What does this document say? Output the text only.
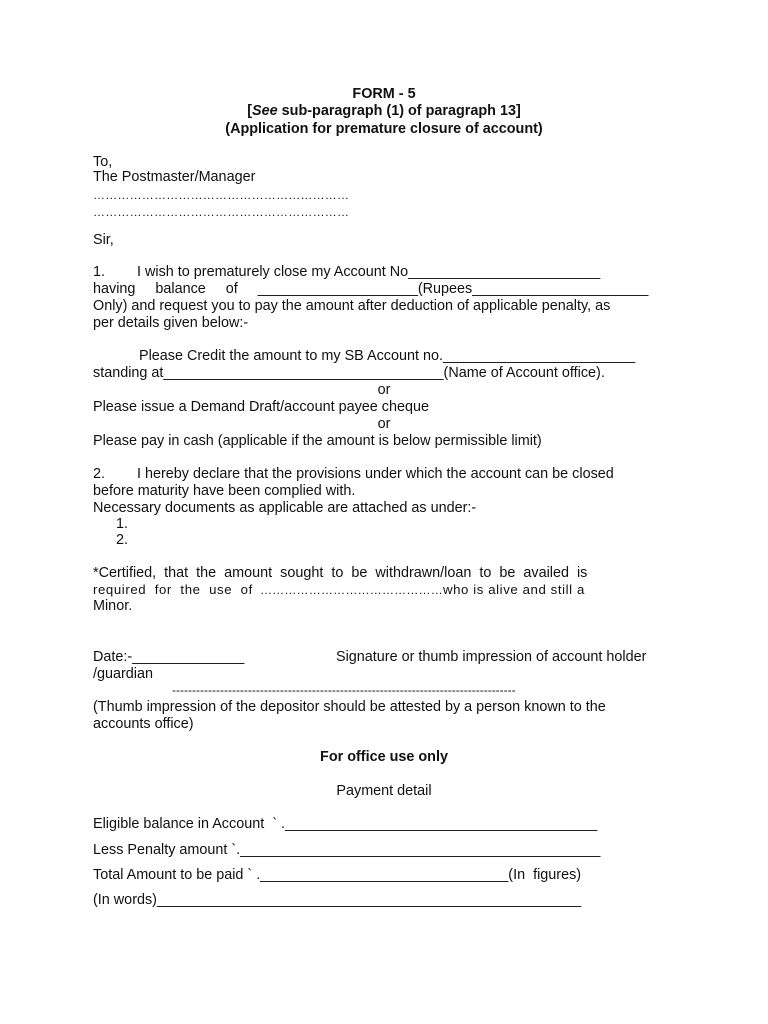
FORM - 5
[See sub-paragraph (1) of paragraph 13]
(Application for premature closure of account)
To,
The Postmaster/Manager
………………………………………………………
………………………………………………………
Sir,
1.        I wish to prematurely close my Account No________________________
having     balance     of     ____________________(Rupees______________________
Only) and request you to pay the amount after deduction of applicable penalty, as
per details given below:-
Please Credit the amount to my SB Account no.________________________
standing at___________________________________(Name of Account office).
or
Please issue a Demand Draft/account payee cheque
or
Please pay in cash (applicable if the amount is below permissible limit)
2.        I hereby declare that the provisions under which the account can be closed
before maturity have been complied with.
Necessary documents as applicable are attached as under:-
1.
2.
*Certified,  that  the  amount  sought  to  be  withdrawn/loan  to  be  availed  is
required  for  the  use  of  ………………………………………who is alive and still a
Minor.
Date:-______________	Signature or thumb impression of account holder
/guardian
--------------------------------------------------------------------------------------
(Thumb impression of the depositor should be attested by a person known to the
accounts office)
For office use only
Payment detail
Eligible balance in Account  ` ._______________________________________
Less Penalty amount `._____________________________________________
Total Amount to be paid ` ._______________________________(In  figures)
(In words)_____________________________________________________
